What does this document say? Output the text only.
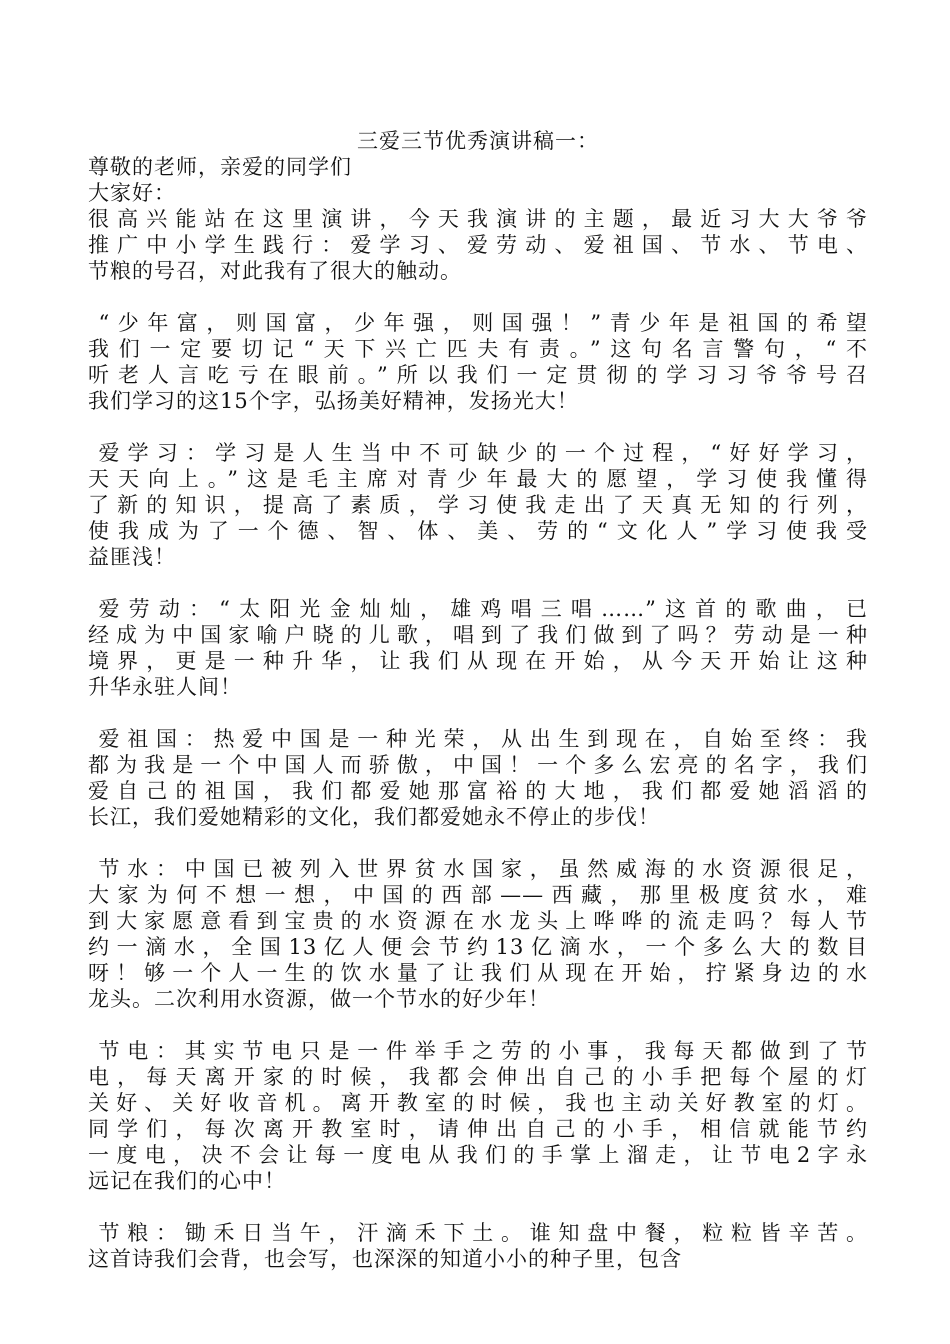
三爱三节优秀演讲稿一：

尊敬的老师，亲爱的同学们

大家好：

很高兴能站在这里演讲，今天我演讲的主题，最近习大大爷爷

推广中小学生践行：爱学习、爱劳动、爱祖国、节水、节电、

节粮的号召，对此我有了很大的触动。

“少年富，则国富，少年强，则国强！”青少年是祖国的希望

我们一定要切记“天下兴亡匹夫有责。”这句名言警句，“不

听老人言吃亏在眼前。”所以我们一定贯彻的学习习爷爷号召

我们学习的这15个字，弘扬美好精神，发扬光大！

爱学习：学习是人生当中不可缺少的一个过程，“好好学习，

天天向上。”这是毛主席对青少年最大的愿望，学习使我懂得

了新的知识，提高了素质，学习使我走出了天真无知的行列，

使我成为了一个德、智、体、美、劳的“文化人”学习使我受

益匪浅！

爱劳动：“太阳光金灿灿，雄鸡唱三唱……”这首的歌曲，已

经成为中国家喻户晓的儿歌，唱到了我们做到了吗？劳动是一种

境界，更是一种升华，让我们从现在开始，从今天开始让这种

升华永驻人间！

爱祖国：热爱中国是一种光荣，从出生到现在，自始至终：我

都为我是一个中国人而骄傲，中国！一个多么宏亮的名字，我们

爱自己的祖国，我们都爱她那富裕的大地，我们都爱她滔滔的

长江，我们爱她精彩的文化，我们都爱她永不停止的步伐！

节水：中国已被列入世界贫水国家，虽然威海的水资源很足，

大家为何不想一想，中国的西部——西藏，那里极度贫水，难

到大家愿意看到宝贵的水资源在水龙头上哗哗的流走吗？每人节

约一滴水，全国13亿人便会节约13亿滴水，一个多么大的数目

呀！够一个人一生的饮水量了让我们从现在开始，拧紧身边的水

龙头。二次利用水资源，做一个节水的好少年！

节电：其实节电只是一件举手之劳的小事，我每天都做到了节

电，每天离开家的时候，我都会伸出自己的小手把每个屋的灯

关好、关好收音机。离开教室的时候，我也主动关好教室的灯。

同学们，每次离开教室时，请伸出自己的小手，相信就能节约

一度电，决不会让每一度电从我们的手掌上溜走，让节电2字永

远记在我们的心中！

节粮：锄禾日当午，汗滴禾下土。谁知盘中餐，粒粒皆辛苦。

这首诗我们会背，也会写，也深深的知道小小的种子里，包含
